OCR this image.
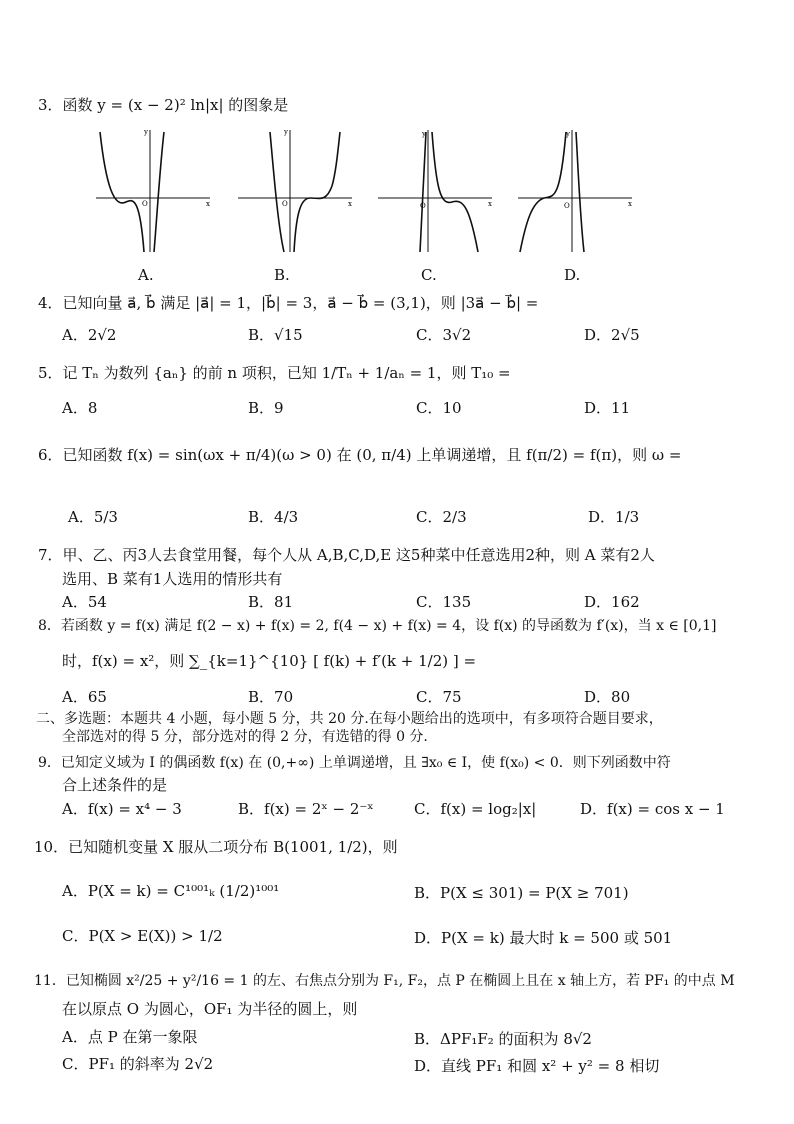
3．函数 y = (x − 2)² ln|x| 的图象是
y
O	x
y
O	x
y
O	x
y
O	x
A.	B.	C.	D.
4．已知向量 a⃗, b⃗ 满足 |a⃗| = 1，|b⃗| = 3，a⃗ − b⃗ = (3,1)，则 |3a⃗ − b⃗| =
A．2√2	B．√15	C．3√2	D．2√5
5．记 Tₙ 为数列 {aₙ} 的前 n 项积，已知 1/Tₙ + 1/aₙ = 1，则 T₁₀ =
A．8	B．9	C．10	D．11
6．已知函数 f(x) = sin(ωx + π/4)(ω > 0) 在 (0, π/4) 上单调递增，且 f(π/2) = f(π)，则 ω =
A．5/3	B．4/3	C．2/3	D．1/3
7．甲、乙、丙3人去食堂用餐，每个人从 A,B,C,D,E 这5种菜中任意选用2种，则 A 菜有2人
选用、B 菜有1人选用的情形共有
A．54	B．81	C．135	D．162
8．若函数 y = f(x) 满足 f(2 − x) + f(x) = 2, f(4 − x) + f(x) = 4，设 f(x) 的导函数为 f′(x)，当 x ∈ [0,1]
时，f(x) = x²，则 ∑_{k=1}^{10} [ f(k) + f′(k + 1/2) ] =
A．65	B．70	C．75	D．80
二、多选题：本题共 4 小题，每小题 5 分，共 20 分.在每小题给出的选项中，有多项符合题目要求，
全部选对的得 5 分，部分选对的得 2 分，有选错的得 0 分.
9．已知定义域为 I 的偶函数 f(x) 在 (0,+∞) 上单调递增，且 ∃x₀ ∈ I，使 f(x₀) < 0．则下列函数中符
合上述条件的是
A．f(x) = x⁴ − 3	B．f(x) = 2ˣ − 2⁻ˣ	C．f(x) = log₂|x|	D．f(x) = cos x − 1
10．已知随机变量 X 服从二项分布 B(1001, 1/2)，则
A．P(X = k) = C¹⁰⁰¹ₖ (1/2)¹⁰⁰¹	B．P(X ≤ 301) = P(X ≥ 701)
C．P(X > E(X)) > 1/2	D．P(X = k) 最大时 k = 500 或 501
11．已知椭圆 x²/25 + y²/16 = 1 的左、右焦点分别为 F₁, F₂，点 P 在椭圆上且在 x 轴上方，若 PF₁ 的中点 M
在以原点 O 为圆心，OF₁ 为半径的圆上，则
A．点 P 在第一象限	B．ΔPF₁F₂ 的面积为 8√2
C．PF₁ 的斜率为 2√2	D．直线 PF₁ 和圆 x² + y² = 8 相切
